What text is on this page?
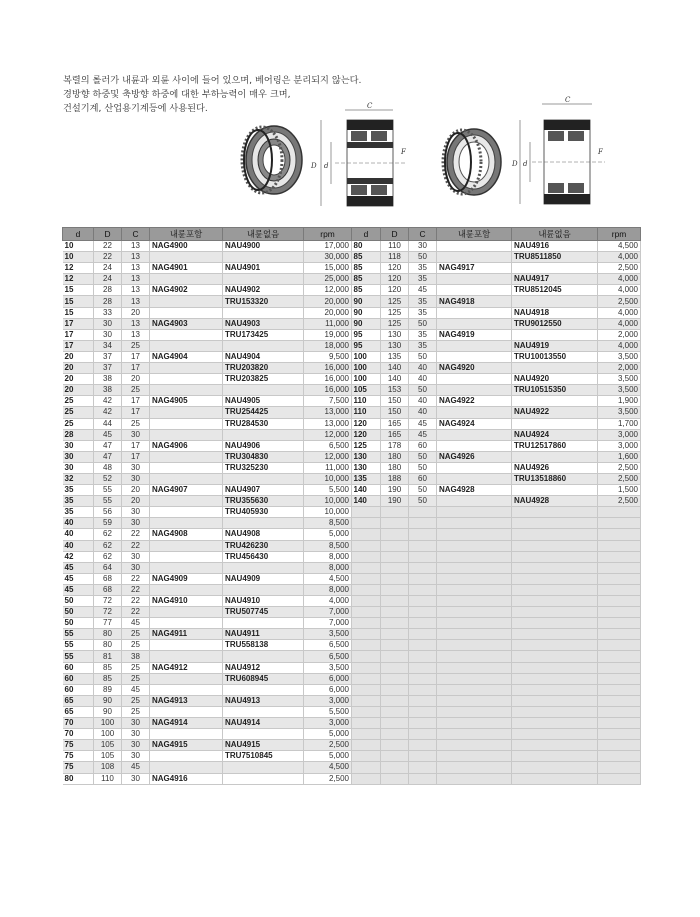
복렬의 롤러가 내륜과 외륜 사이에 들어 있으며, 베어링은 분리되지 않는다.
경방향 하중및 축방향 하중에 대한 부하능력이 매우 크며,
건설기계, 산업용기계등에 사용된다.	C
D d
F
C
D d
F
d	D	C	내륜포함	내륜없음	rpm
10	22	13	NAG4900	NAU4900	17,000
10	22	13			30,000
12	24	13	NAG4901	NAU4901	15,000
12	24	13			25,000
15	28	13	NAG4902	NAU4902	12,000
15	28	13		TRU153320	20,000
15	33	20			20,000
17	30	13	NAG4903	NAU4903	11,000
17	30	13		TRU173425	19,000
17	34	25			18,000
20	37	17	NAG4904	NAU4904	9,500
20	37	17		TRU203820	16,000
20	38	20		TRU203825	16,000
20	38	25			16,000
25	42	17	NAG4905	NAU4905	7,500
25	42	17		TRU254425	13,000
25	44	25		TRU284530	13,000
28	45	30			12,000
30	47	17	NAG4906	NAU4906	6,500
30	47	17		TRU304830	12,000
30	48	30		TRU325230	11,000
32	52	30			10,000
35	55	20	NAG4907	NAU4907	5,500
35	55	20		TRU355630	10,000
35	56	30		TRU405930	10,000
40	59	30			8,500
40	62	22	NAG4908	NAU4908	5,000
40	62	22		TRU426230	8,500
42	62	30		TRU456430	8,000
45	64	30			8,000
45	68	22	NAG4909	NAU4909	4,500
45	68	22			8,000
50	72	22	NAG4910	NAU4910	4,000
50	72	22		TRU507745	7,000
50	77	45			7,000
55	80	25	NAG4911	NAU4911	3,500
55	80	25		TRU558138	6,500
55	81	38			6,500
60	85	25	NAG4912	NAU4912	3,500
60	85	25		TRU608945	6,000
60	89	45			6,000
65	90	25	NAG4913	NAU4913	3,000
65	90	25			5,500
70	100	30	NAG4914	NAU4914	3,000
70	100	30			5,000
75	105	30	NAG4915	NAU4915	2,500
75	105	30		TRU7510845	5,000
75	108	45			4,500
80	110	30	NAG4916		2,500
d	D	C	내륜포함	내륜없음	rpm
80	110	30		NAU4916	4,500
85	118	50		TRU8511850	4,000
85	120	35	NAG4917		2,500
85	120	35		NAU4917	4,000
85	120	45		TRU8512045	4,000
90	125	35	NAG4918		2,500
90	125	35		NAU4918	4,000
90	125	50		TRU9012550	4,000
95	130	35	NAG4919		2,000
95	130	35		NAU4919	4,000
100	135	50		TRU10013550	3,500
100	140	40	NAG4920		2,000
100	140	40		NAU4920	3,500
105	153	50		TRU10515350	3,500
110	150	40	NAG4922		1,900
110	150	40		NAU4922	3,500
120	165	45	NAG4924		1,700
120	165	45		NAU4924	3,000
125	178	60		TRU12517860	3,000
130	180	50	NAG4926		1,600
130	180	50		NAU4926	2,500
135	188	60		TRU13518860	2,500
140	190	50	NAG4928		1,500
140	190	50		NAU4928	2,500
